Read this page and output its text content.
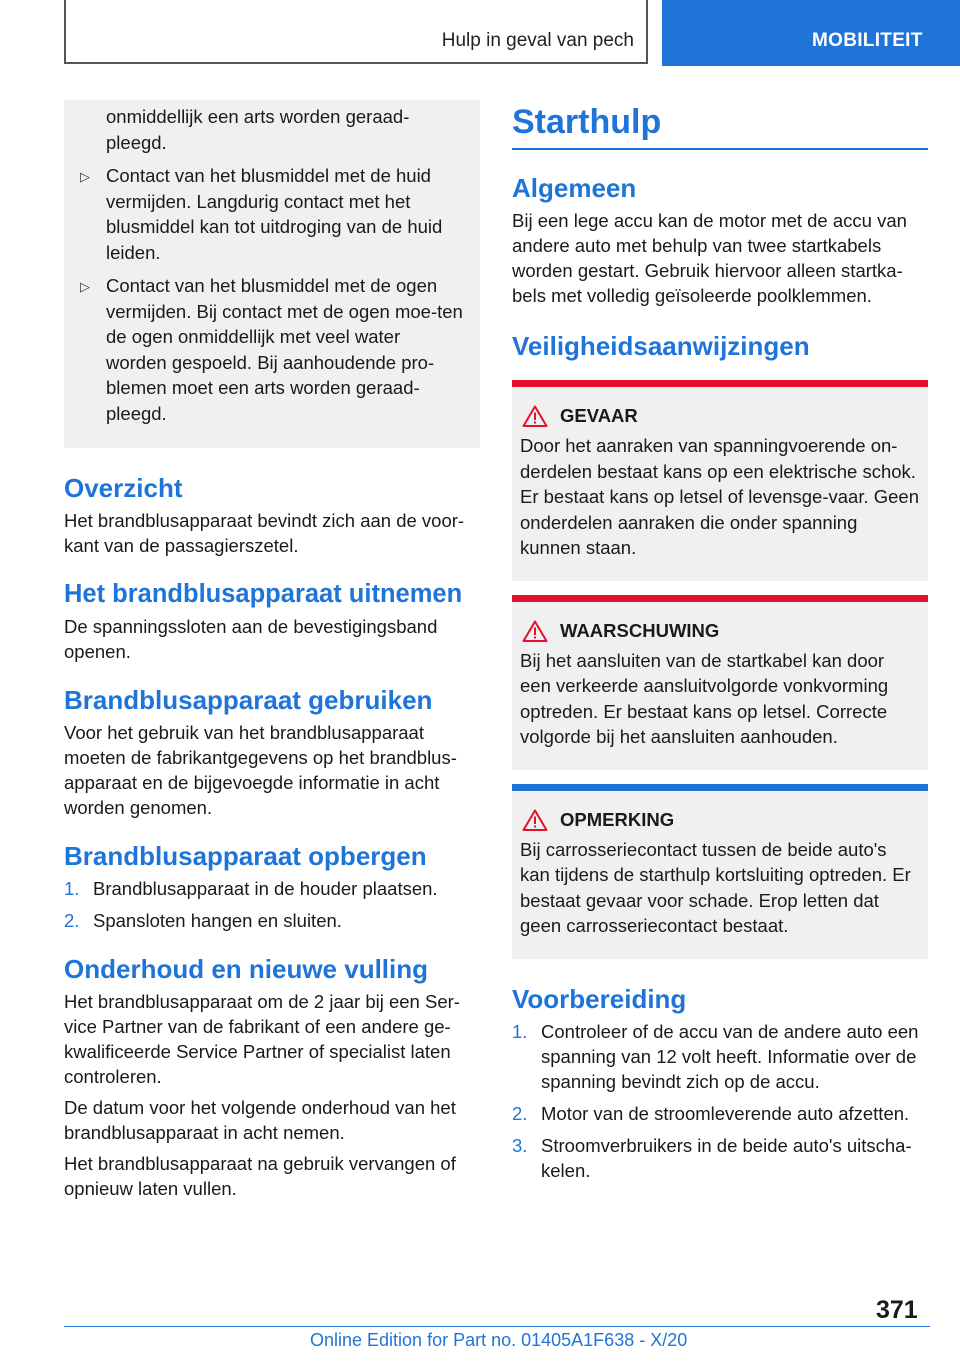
Hulp in geval van pech	MOBILITEIT
onmiddellijk een arts worden geraad-
pleegd.
▷ Contact van het blusmiddel met de huid vermijden. Langdurig contact met het blusmiddel kan tot uitdroging van de huid leiden.
▷ Contact van het blusmiddel met de ogen vermijden. Bij contact met de ogen moe-ten de ogen onmiddellijk met veel water worden gespoeld. Bij aanhoudende pro-blemen moet een arts worden geraad-pleegd.
Overzicht

Het brandblusapparaat bevindt zich aan de voor-kant van de passagierszetel.

Het brandblusapparaat uitnemen

De spanningssloten aan de bevestigingsband openen.

Brandblusapparaat gebruiken

Voor het gebruik van het brandblusapparaat moeten de fabrikantgegevens op het brandblus-apparaat en de bijgevoegde informatie in acht worden genomen.

Brandblusapparaat opbergen
1. Brandblusapparaat in de houder plaatsen.
2. Spansloten hangen en sluiten.
Onderhoud en nieuwe vulling

Het brandblusapparaat om de 2 jaar bij een Ser-vice Partner van de fabrikant of een andere ge-kwalificeerde Service Partner of specialist laten controleren.

De datum voor het volgende onderhoud van het brandblusapparaat in acht nemen.

Het brandblusapparaat na gebruik vervangen of opnieuw laten vullen.

Starthulp
Algemeen

Bij een lege accu kan de motor met de accu van andere auto met behulp van twee startkabels worden gestart. Gebruik hiervoor alleen startka-bels met volledig geïsoleerde poolklemmen.

Veiligheidsaanwijzingen
GEVAAR
Door het aanraken van spanningvoerende on-derdelen bestaat kans op een elektrische schok. Er bestaat kans op letsel of levensge-vaar. Geen onderdelen aanraken die onder spanning kunnen staan.
WAARSCHUWING
Bij het aansluiten van de startkabel kan door een verkeerde aansluitvolgorde vonkvorming optreden. Er bestaat kans op letsel. Correcte volgorde bij het aansluiten aanhouden.
OPMERKING
Bij carrosseriecontact tussen de beide auto's kan tijdens de starthulp kortsluiting optreden. Er bestaat gevaar voor schade. Erop letten dat geen carrosseriecontact bestaat.
Voorbereiding
1. Controleer of de accu van de andere auto een spanning van 12 volt heeft. Informatie over de spanning bevindt zich op de accu.
2. Motor van de stroomleverende auto afzetten.
3. Stroomverbruikers in de beide auto's uitscha-kelen.
371
Online Edition for Part no. 01405A1F638 - X/20
